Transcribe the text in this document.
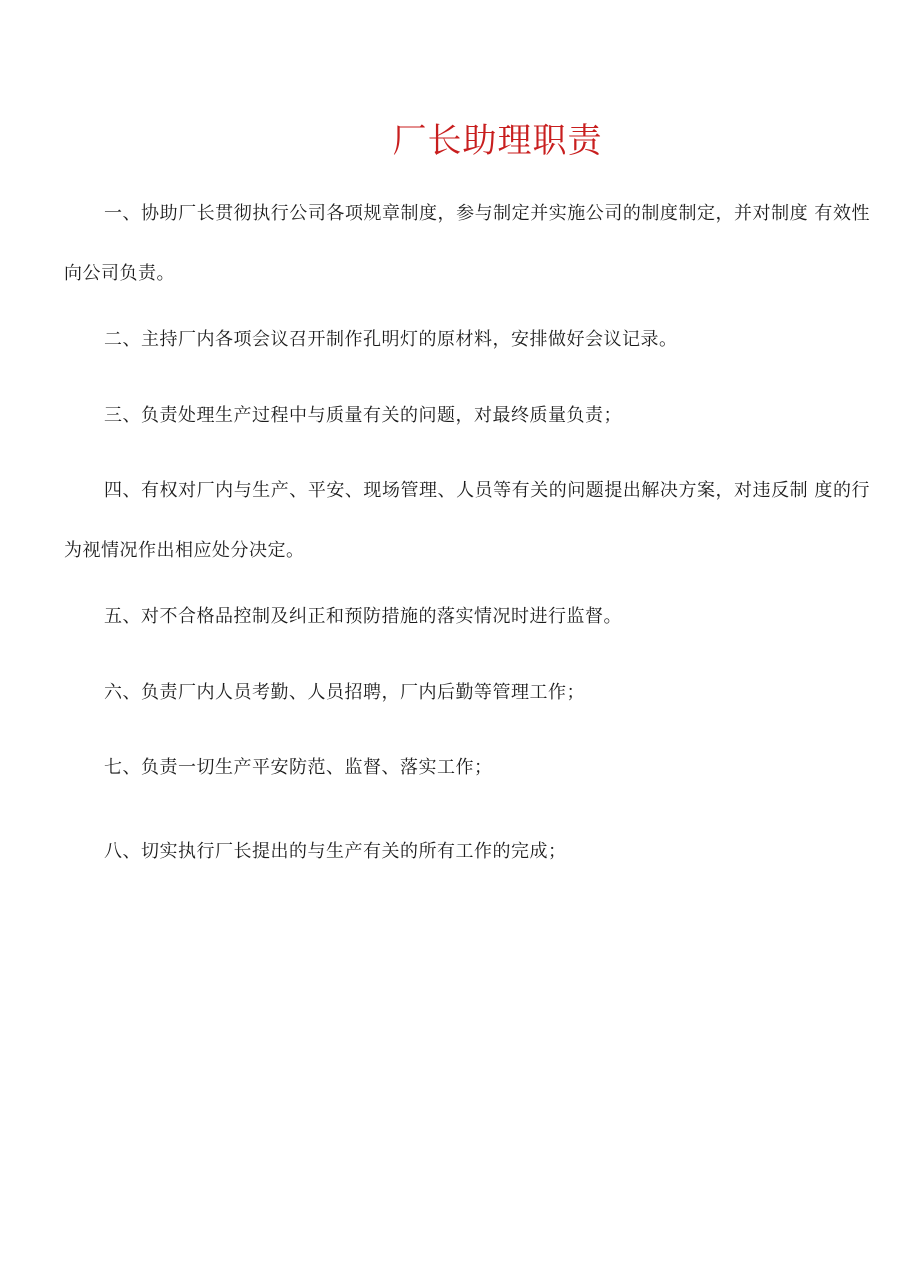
厂长助理职责

一、协助厂长贯彻执行公司各项规章制度，参与制定并实施公司的制度制定，并对制度 有效性向公司负责。

二、主持厂内各项会议召开制作孔明灯的原材料，安排做好会议记录。

三、负责处理生产过程中与质量有关的问题，对最终质量负责；

四、有权对厂内与生产、平安、现场管理、人员等有关的问题提出解决方案，对违反制 度的行为视情况作出相应处分决定。

五、对不合格品控制及纠正和预防措施的落实情况时进行监督。

六、负责厂内人员考勤、人员招聘，厂内后勤等管理工作；

七、负责一切生产平安防范、监督、落实工作；

八、切实执行厂长提出的与生产有关的所有工作的完成；
